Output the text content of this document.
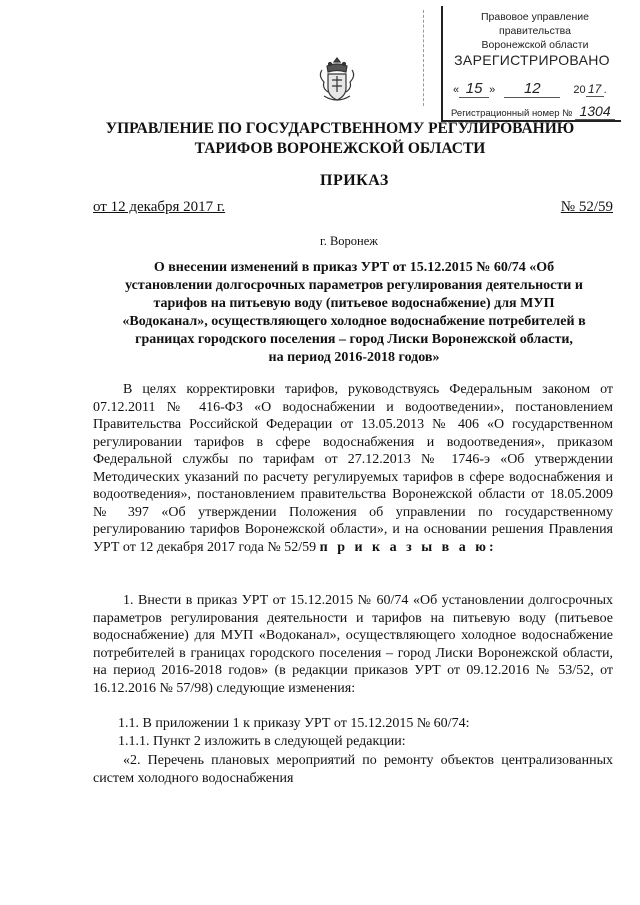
Правовое управление правительства
Воронежской области
ЗАРЕГИСТРИРОВАНО
« 15 » 12	20 17 .
Регистрационный номер № 1304
УПРАВЛЕНИЕ ПО ГОСУДАРСТВЕННОМУ РЕГУЛИРОВАНИЮ
ТАРИФОВ ВОРОНЕЖСКОЙ ОБЛАСТИ
ПРИКАЗ
от 12 декабря 2017 г.	№ 52/59
г. Воронеж
О внесении изменений в приказ УРТ от 15.12.2015 № 60/74 «Об
установлении долгосрочных параметров регулирования деятельности и
тарифов на питьевую воду (питьевое водоснабжение) для МУП
«Водоканал», осуществляющего холодное водоснабжение потребителей в
границах городского поселения – город Лиски Воронежской области,
на период 2016-2018 годов»
В целях корректировки тарифов, руководствуясь Федеральным законом от 07.12.2011 № 416-ФЗ «О водоснабжении и водоотведении», постановлением Правительства Российской Федерации от 13.05.2013 № 406 «О государственном регулировании тарифов в сфере водоснабжения и водоотведения», приказом Федеральной службы по тарифам от 27.12.2013 № 1746-э «Об утверждении Методических указаний по расчету регулируемых тарифов в сфере водоснабжения и водоотведения», постановлением правительства Воронежской области от 18.05.2009 № 397 «Об утверждении Положения об управлении по государственному регулированию тарифов Воронежской области», и на основании решения Правления УРТ от 12 декабря 2017 года № 52/59 п р и к а з ы в а ю:
1. Внести в приказ УРТ от 15.12.2015 № 60/74 «Об установлении долгосрочных параметров регулирования деятельности и тарифов на питьевую воду (питьевое водоснабжение) для МУП «Водоканал», осуществляющего холодное водоснабжение потребителей в границах городского поселения – город Лиски Воронежской области, на период 2016-2018 годов» (в редакции приказов УРТ от 09.12.2016 № 53/52, от 16.12.2016 № 57/98) следующие изменения:
1.1. В приложении 1 к приказу УРТ от 15.12.2015 № 60/74:
1.1.1. Пункт 2 изложить в следующей редакции:
«2. Перечень плановых мероприятий по ремонту объектов централизованных систем холодного водоснабжения
